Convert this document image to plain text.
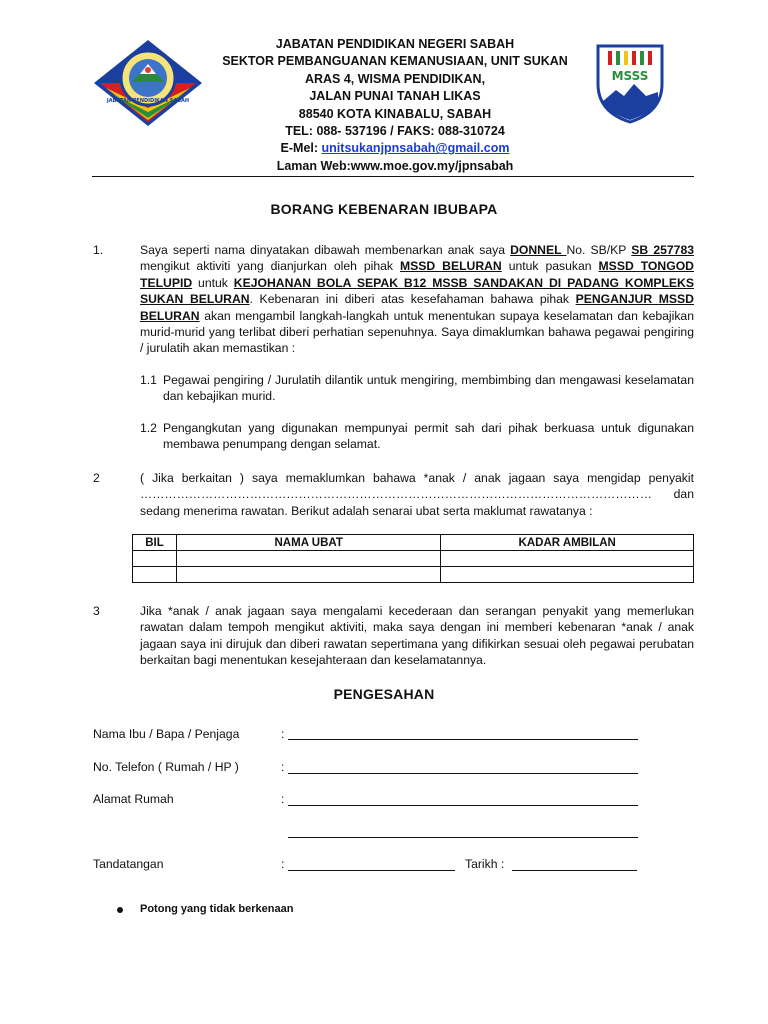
JABATAN PENDIDIKAN SABAH
JABATAN PENDIDIKAN NEGERI SABAH
SEKTOR PEMBANGUANAN KEMANUSIAAN, UNIT SUKAN
ARAS 4, WISMA PENDIDIKAN,
JALAN PUNAI TANAH LIKAS
88540 KOTA KINABALU, SABAH
TEL: 088- 537196 / FAKS: 088-310724
E-Mel: unitsukanjpnsabah@gmail.com
Laman Web:www.moe.gov.my/jpnsabah
MSSS
BORANG KEBENARAN IBUBAPA
1.	Saya seperti nama dinyatakan dibawah membenarkan anak saya DONNEL No. SB/KP SB 257783 mengikut aktiviti yang dianjurkan oleh pihak MSSD BELURAN untuk pasukan MSSD TONGOD TELUPID untuk KEJOHANAN BOLA SEPAK B12 MSSB SANDAKAN DI PADANG KOMPLEKS SUKAN BELURAN. Kebenaran ini diberi atas kesefahaman bahawa pihak PENGANJUR MSSD BELURAN akan mengambil langkah-langkah untuk menentukan supaya keselamatan dan kebajikan murid-murid yang terlibat diberi perhatian sepenuhnya. Saya dimaklumkan bahawa pegawai pengiring / jurulatih akan memastikan :
1.1 Pegawai pengiring / Jurulatih dilantik untuk mengiring, membimbing dan mengawasi keselamatan dan kebajikan murid.
1.2 Pengangkutan yang digunakan mempunyai permit sah dari pihak berkuasa untuk digunakan membawa penumpang dengan selamat.
2	( Jika berkaitan ) saya memaklumkan bahawa *anak / anak jagaan saya mengidap penyakit ……………………………………………………………………………………………………………… dan sedang menerima rawatan. Berikut adalah senarai ubat serta maklumat rawatanya :
BIL	NAMA UBAT	KADAR AMBILAN

3	Jika *anak / anak jagaan saya mengalami kecederaan dan serangan penyakit yang memerlukan rawatan dalam tempoh mengikut aktiviti, maka saya dengan ini memberi kebenaran *anak / anak jagaan saya ini dirujuk dan diberi rawatan sepertimana yang difikirkan sesuai oleh pegawai perubatan berkaitan bagi menentukan kesejahteraan dan keselamatannya.
PENGESAHAN
Nama Ibu / Bapa / Penjaga	:
No. Telefon ( Rumah / HP )	:
Alamat Rumah	:
Tandatangan	:	Tarikh :
Potong yang tidak berkenaan
